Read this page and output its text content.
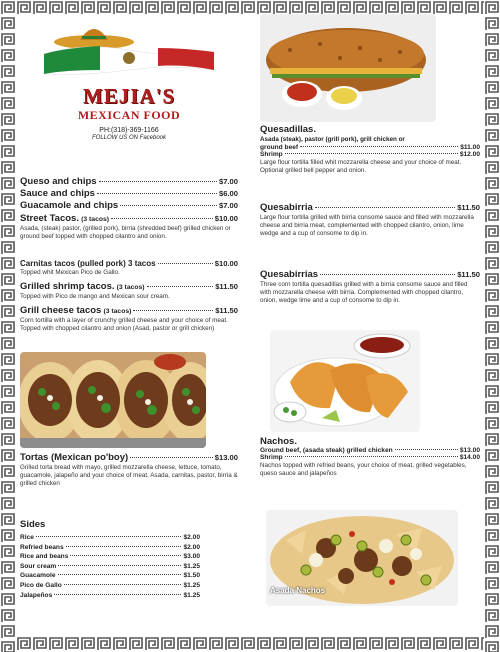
MEJIA'S
MEXICAN FOOD
PH:(318)-369-1166
FOLLOW US ON Facebook
Queso and chips	$7.00
Sauce and chips	$6.00
Guacamole and chips	$7.00
Street Tacos.
(3 tacos)	$10.00
Asada, (steak) pastor, (grilled pork), birria (shredded beef) grilled chicken or ground beef topped with chopped cilantro and onion.
Carnitas tacos (pulled pork) 3 tacos	$10.00
Topped whit Mexican Pico de Gallo.
Grilled shrimp tacos.
(3 tacos)	$11.50
Topped with Pico de mango and Mexican sour cream.
Grill cheese tacos
(3 tacos)	$11.50
Corn tortilla with a layer of crunchy grilled cheese and your choice of meat. Topped with chopped cilantro and onion (Asad, pastor or grill chicken)
Tortas (Mexican po'boy)	$13.00
Grilled torta bread with mayo, grilled mozzarella cheese, lettuce, tomato, guacamole, jalapeño and your choice of meat. Asada, carnitas, pastor, birria & grilled chicken
Sides
Rice	$2.00
Refried beans	$2.00
Rice and beans	$3.00
Sour cream	$1.25
Guacamole	$1.50
Pico de Gallo	$1.25
Jalapeños	$1.25
Quesadillas.
Asada (steak), pastor (grill pork), grill chicken or
ground beef	$11.00
Shrimp	$12.00
Large flour tortilla filled whit mozzarella cheese and your choice of meat. Optional grilled bell pepper and onion.
Quesabirria	$11.50
Large flour tortilla grilled with birria consome sauce and filled with mozzarella cheese and birria meat, complemented with chopped cilantro, onion, lime wedge and a cup of consome to dip in.
Quesabirrias	$11.50
Three corn tortilla quesadillas grilled with a birria consome sauce and filled with mozzarella cheese with birria. Complemented with chopped cilantro, onion, wedge lime and a cup of consome to dip in.
Nachos.
Ground beef, (asada steak) grilled chicken	$13.00
Shrimp	$14.00
Nachos topped with refried beans, your choice of meat, grilled vegetables, queso sauce and jalapeños
Asada Nachos
